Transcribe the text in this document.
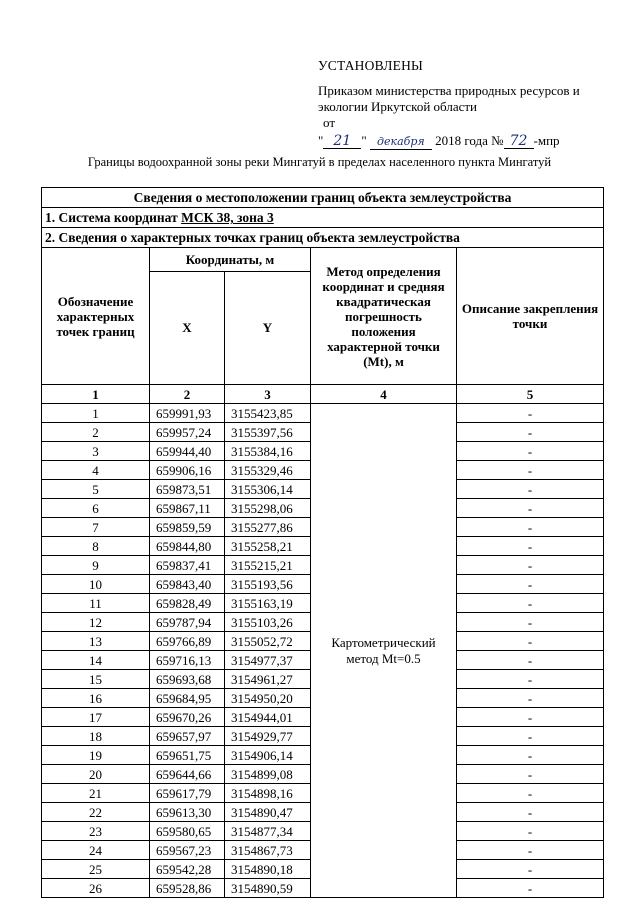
УСТАНОВЛЕНЫ
Приказом министерства природных ресурсов и
экологии Иркутской области
от
" 21 " декабря 2018 года № 72 -мпр
Границы водоохранной зоны реки Мингатуй в пределах населенного пункта Мингатуй
Сведения о местоположении границ объекта землеустройства				
1. Система координат МСК 38, зона 3				
2. Сведения о характерных точках границ объекта землеустройства				
Обозначение характерных точек границ	Координаты, м		Метод определения координат и средняя квадратическая погрешность положения характерной точки (Mt), м	Описание закрепления точки
	X	Y		
1	2	3	4	5
1	659991,93	3155423,85	Картометрический метод Mt=0.5	-
2	659957,24	3155397,56		-
3	659944,40	3155384,16		-
4	659906,16	3155329,46		-
5	659873,51	3155306,14		-
6	659867,11	3155298,06		-
7	659859,59	3155277,86		-
8	659844,80	3155258,21		-
9	659837,41	3155215,21		-
10	659843,40	3155193,56		-
11	659828,49	3155163,19		-
12	659787,94	3155103,26		-
13	659766,89	3155052,72		-
14	659716,13	3154977,37		-
15	659693,68	3154961,27		-
16	659684,95	3154950,20		-
17	659670,26	3154944,01		-
18	659657,97	3154929,77		-
19	659651,75	3154906,14		-
20	659644,66	3154899,08		-
21	659617,79	3154898,16		-
22	659613,30	3154890,47		-
23	659580,65	3154877,34		-
24	659567,23	3154867,73		-
25	659542,28	3154890,18		-
26	659528,86	3154890,59		-
